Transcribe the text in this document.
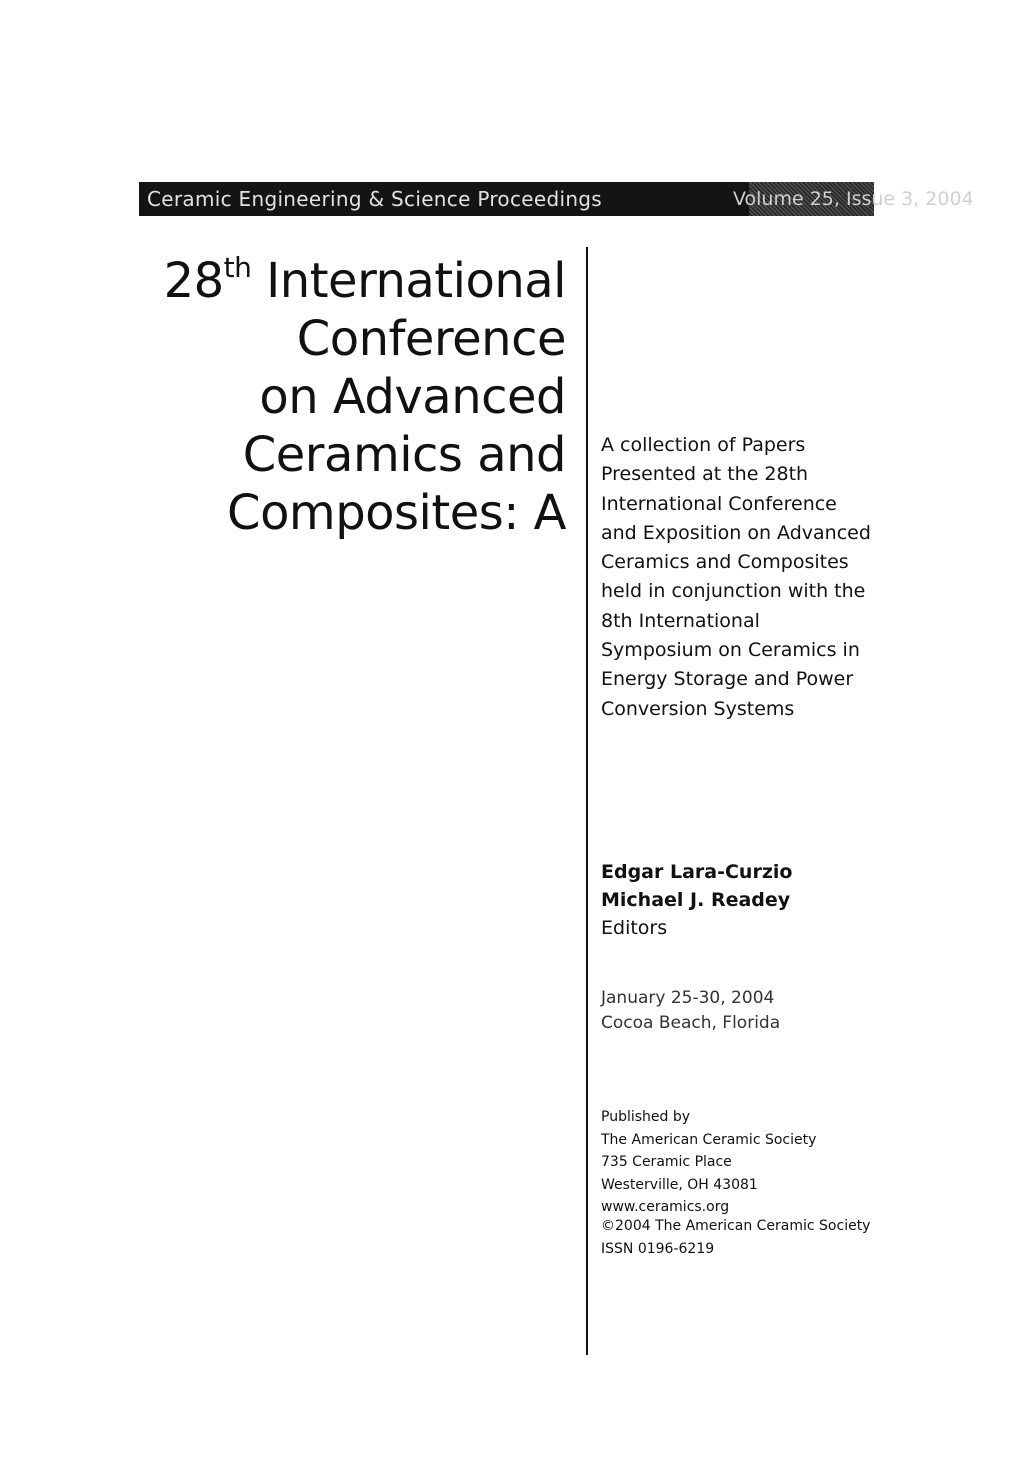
Ceramic Engineering & Science Proceedings	Volume 25, Issue 3, 2004
28th International
Conference
on Advanced
Ceramics and
Composites: A
A collection of Papers
Presented at the 28th
International Conference
and Exposition on Advanced
Ceramics and Composites
held in conjunction with the
8th International
Symposium on Ceramics in
Energy Storage and Power
Conversion Systems
Edgar Lara-Curzio
Michael J. Readey
Editors
January 25-30, 2004
Cocoa Beach, Florida
Published by
The American Ceramic Society
735 Ceramic Place
Westerville, OH 43081
www.ceramics.org
©2004 The American Ceramic Society
ISSN 0196-6219
